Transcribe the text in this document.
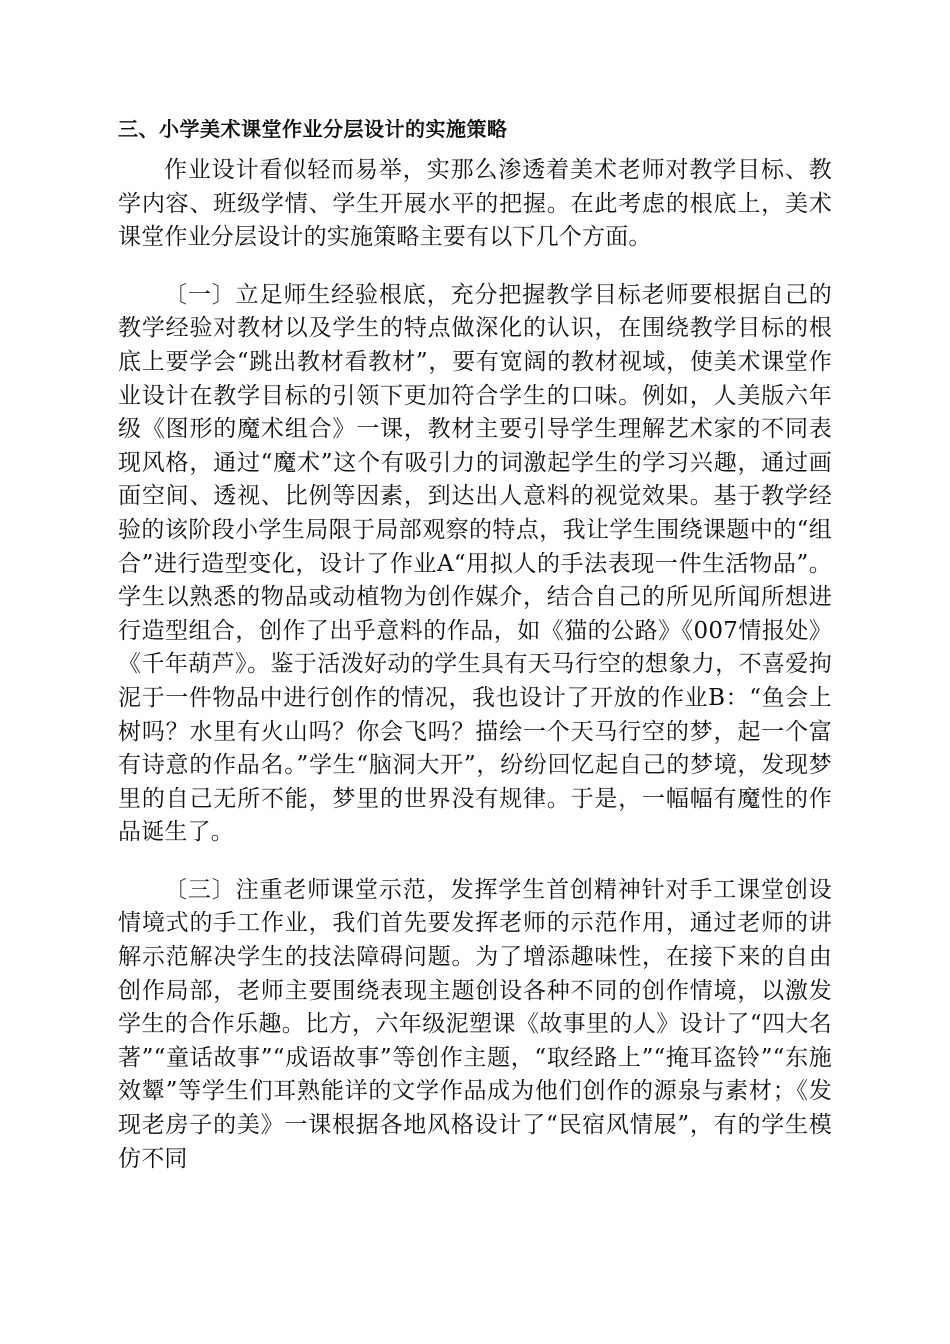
三、小学美术课堂作业分层设计的实施策略

作业设计看似轻而易举，实那么渗透着美术老师对教学目标、教学内容、班级学情、学生开展水平的把握。在此考虑的根底上，美术课堂作业分层设计的实施策略主要有以下几个方面。

〔一〕立足师生经验根底，充分把握教学目标老师要根据自己的教学经验对教材以及学生的特点做深化的认识，在围绕教学目标的根底上要学会“跳出教材看教材”，要有宽阔的教材视域，使美术课堂作业设计在教学目标的引领下更加符合学生的口味。例如，人美版六年级《图形的魔术组合》一课，教材主要引导学生理解艺术家的不同表现风格，通过“魔术”这个有吸引力的词激起学生的学习兴趣，通过画面空间、透视、比例等因素，到达出人意料的视觉效果。基于教学经验的该阶段小学生局限于局部观察的特点，我让学生围绕课题中的“组合”进行造型变化，设计了作业A“用拟人的手法表现一件生活物品”。学生以熟悉的物品或动植物为创作媒介，结合自己的所见所闻所想进行造型组合，创作了出乎意料的作品，如《猫的公路》《007情报处》《千年葫芦》。鉴于活泼好动的学生具有天马行空的想象力，不喜爱拘泥于一件物品中进行创作的情况，我也设计了开放的作业B：“鱼会上树吗？水里有火山吗？你会飞吗？描绘一个天马行空的梦，起一个富有诗意的作品名。”学生“脑洞大开”，纷纷回忆起自己的梦境，发现梦里的自己无所不能，梦里的世界没有规律。于是，一幅幅有魔性的作品诞生了。

〔三〕注重老师课堂示范，发挥学生首创精神针对手工课堂创设情境式的手工作业，我们首先要发挥老师的示范作用，通过老师的讲解示范解决学生的技法障碍问题。为了增添趣味性，在接下来的自由创作局部，老师主要围绕表现主题创设各种不同的创作情境，以激发学生的合作乐趣。比方，六年级泥塑课《故事里的人》设计了“四大名著”“童话故事”“成语故事”等创作主题，“取经路上”“掩耳盗铃”“东施效颦”等学生们耳熟能详的文学作品成为他们创作的源泉与素材；《发现老房子的美》一课根据各地风格设计了“民宿风情展”，有的学生模仿不同
